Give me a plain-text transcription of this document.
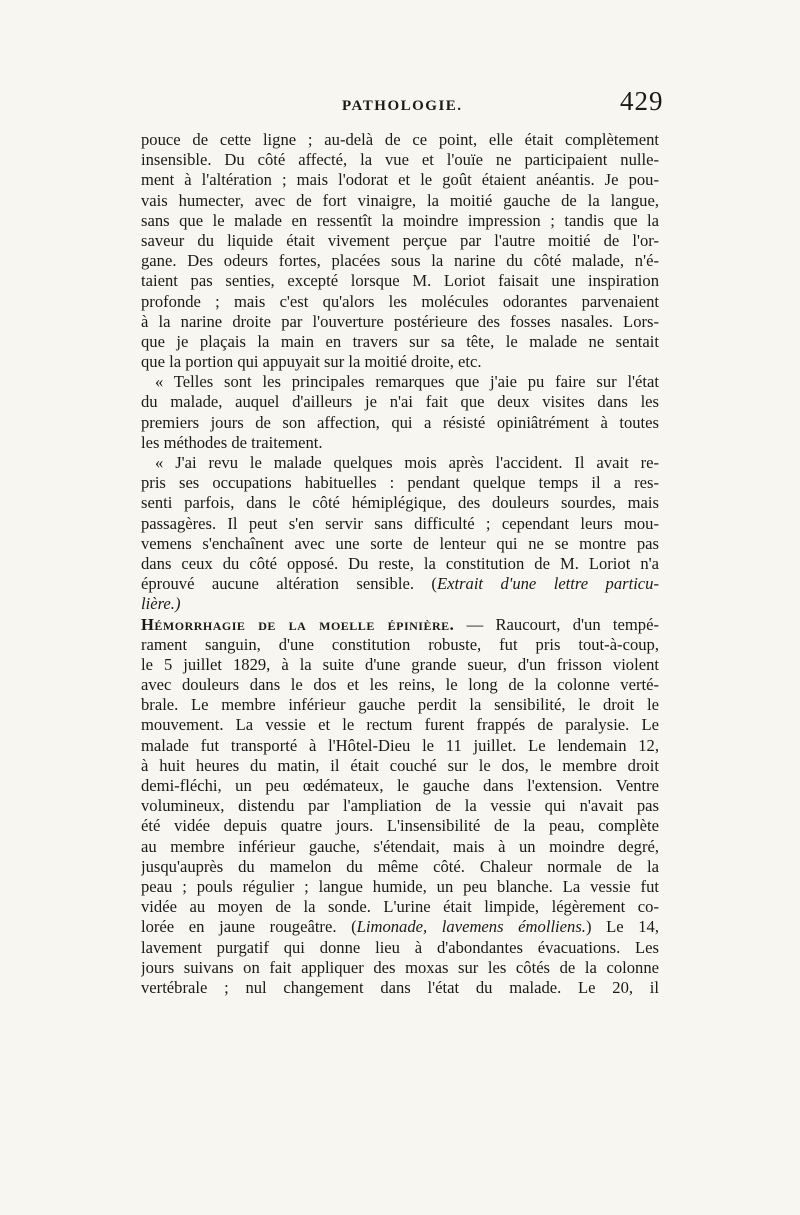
PATHOLOGIE.	429
pouce de cette ligne ; au-delà de ce point, elle était complètement
insensible. Du côté affecté, la vue et l'ouïe ne participaient nulle-
ment à l'altération ; mais l'odorat et le goût étaient anéantis. Je pou-
vais humecter, avec de fort vinaigre, la moitié gauche de la langue,
sans que le malade en ressentît la moindre impression ; tandis que la
saveur du liquide était vivement perçue par l'autre moitié de l'or-
gane. Des odeurs fortes, placées sous la narine du côté malade, n'é-
taient pas senties, excepté lorsque M. Loriot faisait une inspiration
profonde ; mais c'est qu'alors les molécules odorantes parvenaient
à la narine droite par l'ouverture postérieure des fosses nasales. Lors-
que je plaçais la main en travers sur sa tête, le malade ne sentait
que la portion qui appuyait sur la moitié droite, etc.
« Telles sont les principales remarques que j'aie pu faire sur l'état
du malade, auquel d'ailleurs je n'ai fait que deux visites dans les
premiers jours de son affection, qui a résisté opiniâtrément à toutes
les méthodes de traitement.
« J'ai revu le malade quelques mois après l'accident. Il avait re-
pris ses occupations habituelles : pendant quelque temps il a res-
senti parfois, dans le côté hémiplégique, des douleurs sourdes, mais
passagères. Il peut s'en servir sans difficulté ; cependant leurs mou-
vemens s'enchaînent avec une sorte de lenteur qui ne se montre pas
dans ceux du côté opposé. Du reste, la constitution de M. Loriot n'a
éprouvé aucune altération sensible. (Extrait d'une lettre particu-
lière.)
Hémorrhagie de la moelle épinière. — Raucourt, d'un tempé-
rament sanguin, d'une constitution robuste, fut pris tout-à-coup,
le 5 juillet 1829, à la suite d'une grande sueur, d'un frisson violent
avec douleurs dans le dos et les reins, le long de la colonne verté-
brale. Le membre inférieur gauche perdit la sensibilité, le droit le
mouvement. La vessie et le rectum furent frappés de paralysie. Le
malade fut transporté à l'Hôtel-Dieu le 11 juillet. Le lendemain 12,
à huit heures du matin, il était couché sur le dos, le membre droit
demi-fléchi, un peu œdémateux, le gauche dans l'extension. Ventre
volumineux, distendu par l'ampliation de la vessie qui n'avait pas
été vidée depuis quatre jours. L'insensibilité de la peau, complète
au membre inférieur gauche, s'étendait, mais à un moindre degré,
jusqu'auprès du mamelon du même côté. Chaleur normale de la
peau ; pouls régulier ; langue humide, un peu blanche. La vessie fut
vidée au moyen de la sonde. L'urine était limpide, légèrement co-
lorée en jaune rougeâtre. (Limonade, lavemens émolliens.) Le 14,
lavement purgatif qui donne lieu à d'abondantes évacuations. Les
jours suivans on fait appliquer des moxas sur les côtés de la colonne
vertébrale ; nul changement dans l'état du malade. Le 20, il
